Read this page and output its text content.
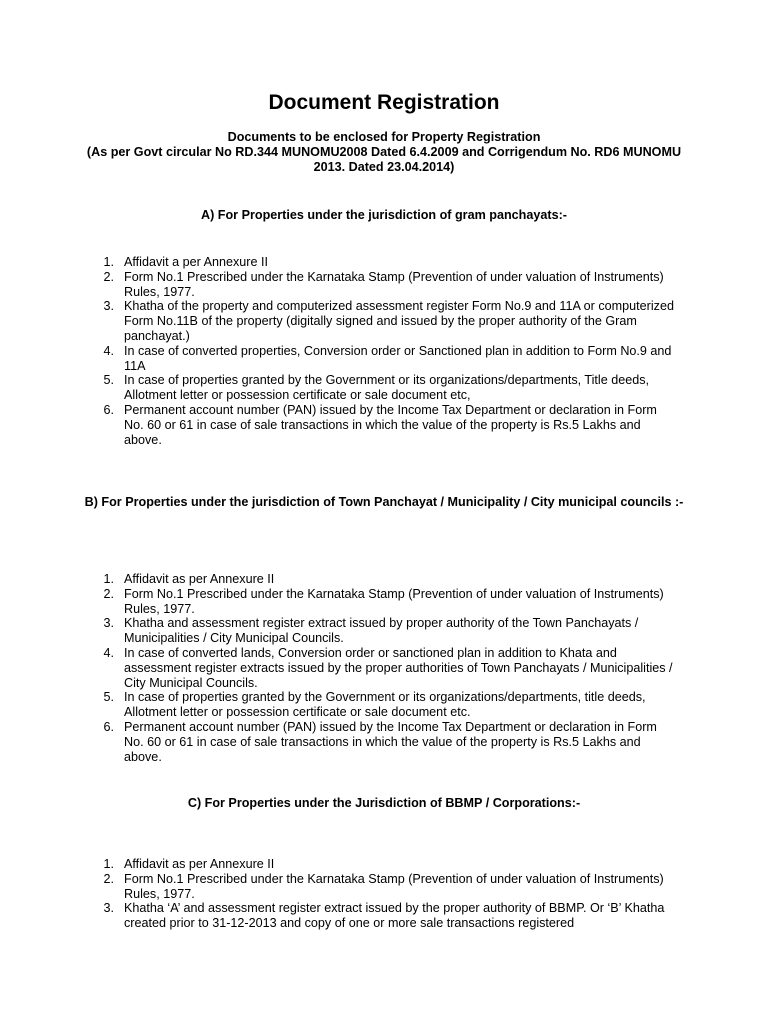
Document Registration
Documents to be enclosed for Property Registration
(As per Govt circular No RD.344 MUNOMU2008 Dated 6.4.2009 and Corrigendum No. RD6 MUNOMU 2013. Dated 23.04.2014)
A) For Properties under the jurisdiction of gram panchayats:-
1. Affidavit a per Annexure II
2. Form No.1 Prescribed under the Karnataka Stamp (Prevention of under valuation of Instruments) Rules, 1977.
3. Khatha of the property and computerized assessment register Form No.9 and 11A or computerized Form No.11B of the property (digitally signed and issued by the proper authority of the Gram panchayat.)
4. In case of converted properties, Conversion order or Sanctioned plan in addition to Form No.9 and 11A
5. In case of properties granted by the Government or its organizations/departments, Title deeds, Allotment letter or possession certificate or sale document etc,
6. Permanent account number (PAN) issued by the Income Tax Department or declaration in Form No. 60 or 61 in case of sale transactions in which the value of the property is Rs.5 Lakhs and above.
B) For Properties under the jurisdiction of Town Panchayat / Municipality / City municipal councils :-
1. Affidavit as per Annexure II
2. Form No.1 Prescribed under the Karnataka Stamp (Prevention of under valuation of Instruments) Rules, 1977.
3. Khatha and assessment register extract issued by proper authority of the Town Panchayats / Municipalities / City Municipal Councils.
4. In case of converted lands, Conversion order or sanctioned plan in addition to Khata and assessment register extracts issued by the proper authorities of Town Panchayats / Municipalities / City Municipal Councils.
5. In case of properties granted by the Government or its organizations/departments, title deeds, Allotment letter or possession certificate or sale document etc.
6. Permanent account number (PAN) issued by the Income Tax Department or declaration in Form No. 60 or 61 in case of sale transactions in which the value of the property is Rs.5 Lakhs and above.
C) For Properties under the Jurisdiction of BBMP / Corporations:-
1. Affidavit as per Annexure II
2. Form No.1 Prescribed under the Karnataka Stamp (Prevention of under valuation of Instruments) Rules, 1977.
3. Khatha ‘A’ and assessment register extract issued by the proper authority of BBMP. Or ‘B’ Khatha created prior to 31-12-2013 and copy of one or more sale transactions registered
